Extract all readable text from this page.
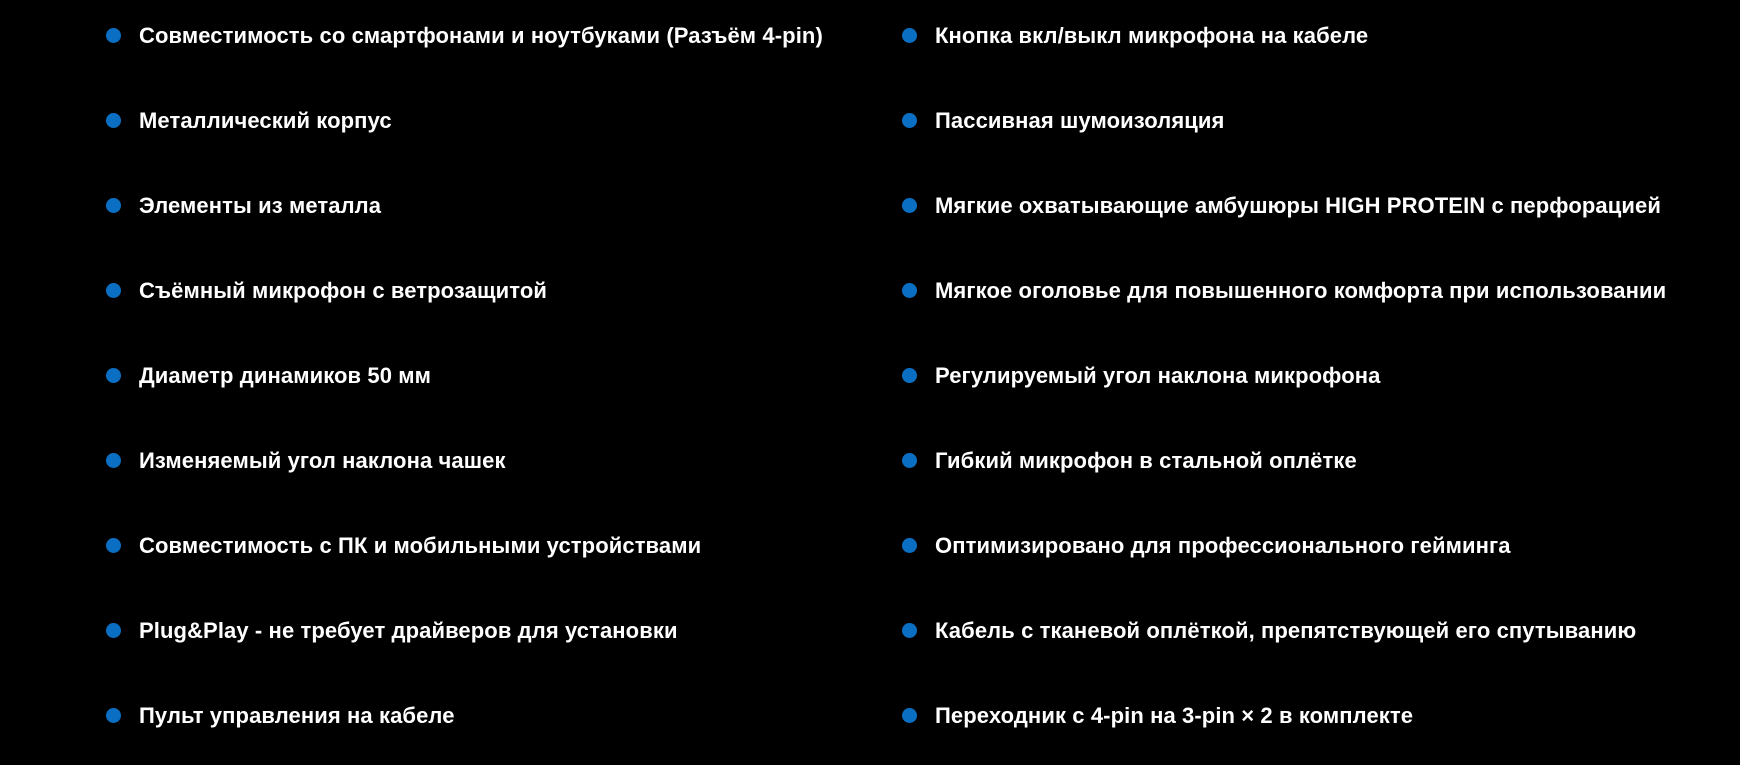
Совместимость со смартфонами и ноутбуками (Разъём 4-pin)
Металлический корпус
Элементы из металла
Съёмный микрофон с ветрозащитой
Диаметр динамиков 50 мм
Изменяемый угол наклона чашек
Совместимость с ПК и мобильными устройствами
Plug&Play - не требует драйверов для установки
Пульт управления на кабеле
Кнопка вкл/выкл микрофона на кабеле
Пассивная шумоизоляция
Мягкие охватывающие амбушюры HIGH PROTEIN с перфорацией
Мягкое оголовье для повышенного комфорта при использовании
Регулируемый угол наклона микрофона
Гибкий микрофон в стальной оплётке
Оптимизировано для профессионального гейминга
Кабель с тканевой оплёткой, препятствующей его спутыванию
Переходник с 4-pin на 3-pin × 2 в комплекте
